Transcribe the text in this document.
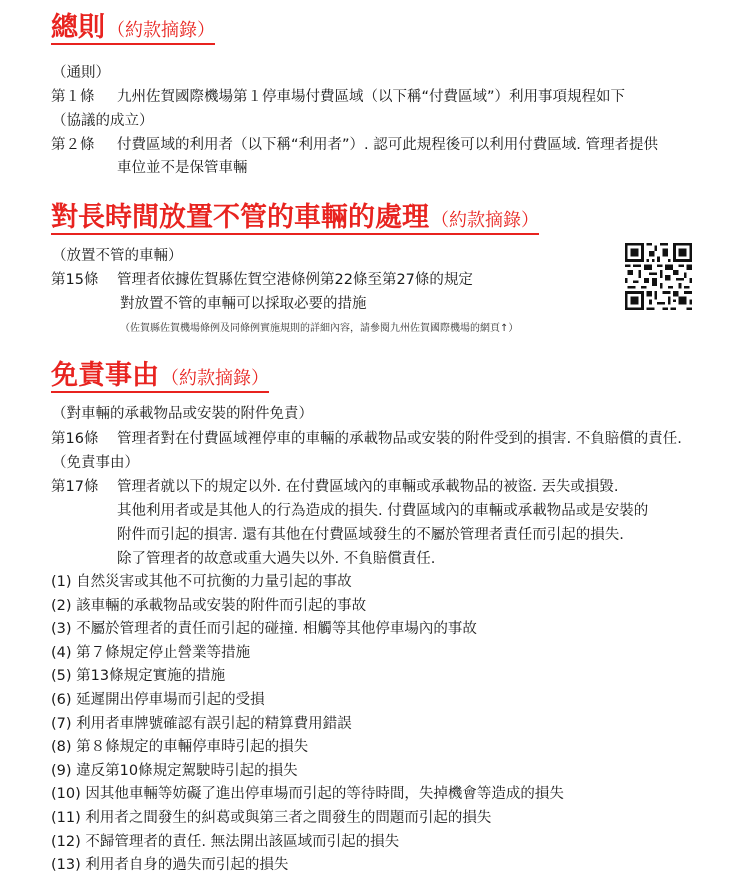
總則 （約款摘錄）
（通則）
第１條 九州佐賀國際機場第１停車場付費區域（以下稱“付費區域”）利用事項規程如下
（協議的成立）
第２條 付費區域的利用者（以下稱“利用者”）. 認可此規程後可以利用付費區域. 管理者提供
車位並不是保管車輛
對長時間放置不管的車輛的處理 （約款摘錄）
（放置不管的車輛）
第15條 管理者依據佐賀縣佐賀空港條例第22條至第27條的規定
對放置不管的車輛可以採取必要的措施
（佐賀縣佐賀機場條例及同條例實施規則的詳細內容，請參閱九州佐賀國際機場的網頁↑）
免責事由 （約款摘錄）
（對車輛的承載物品或安裝的附件免責）
第16條 管理者對在付費區域裡停車的車輛的承載物品或安裝的附件受到的損害. 不負賠償的責任.
（免責事由）
第17條 管理者就以下的規定以外. 在付費區域內的車輛或承載物品的被盜. 丟失或損毀.
其他利用者或是其他人的行為造成的損失. 付費區域內的車輛或承載物品或是安裝的
附件而引起的損害. 還有其他在付費區域發生的不屬於管理者責任而引起的損失.
除了管理者的故意或重大過失以外. 不負賠償責任.
(1) 自然災害或其他不可抗衡的力量引起的事故
(2) 該車輛的承載物品或安裝的附件而引起的事故
(3) 不屬於管理者的責任而引起的碰撞. 相觸等其他停車場內的事故
(4) 第７條規定停止營業等措施
(5) 第13條規定實施的措施
(6) 延遲開出停車場而引起的受損
(7) 利用者車牌號確認有誤引起的精算費用錯誤
(8) 第８條規定的車輛停車時引起的損失
(9) 違反第10條規定駕駛時引起的損失
(10) 因其他車輛等妨礙了進出停車場而引起的等待時間，失掉機會等造成的損失
(11) 利用者之間發生的糾葛或與第三者之間發生的問題而引起的損失
(12) 不歸管理者的責任. 無法開出該區域而引起的損失
(13) 利用者自身的過失而引起的損失
